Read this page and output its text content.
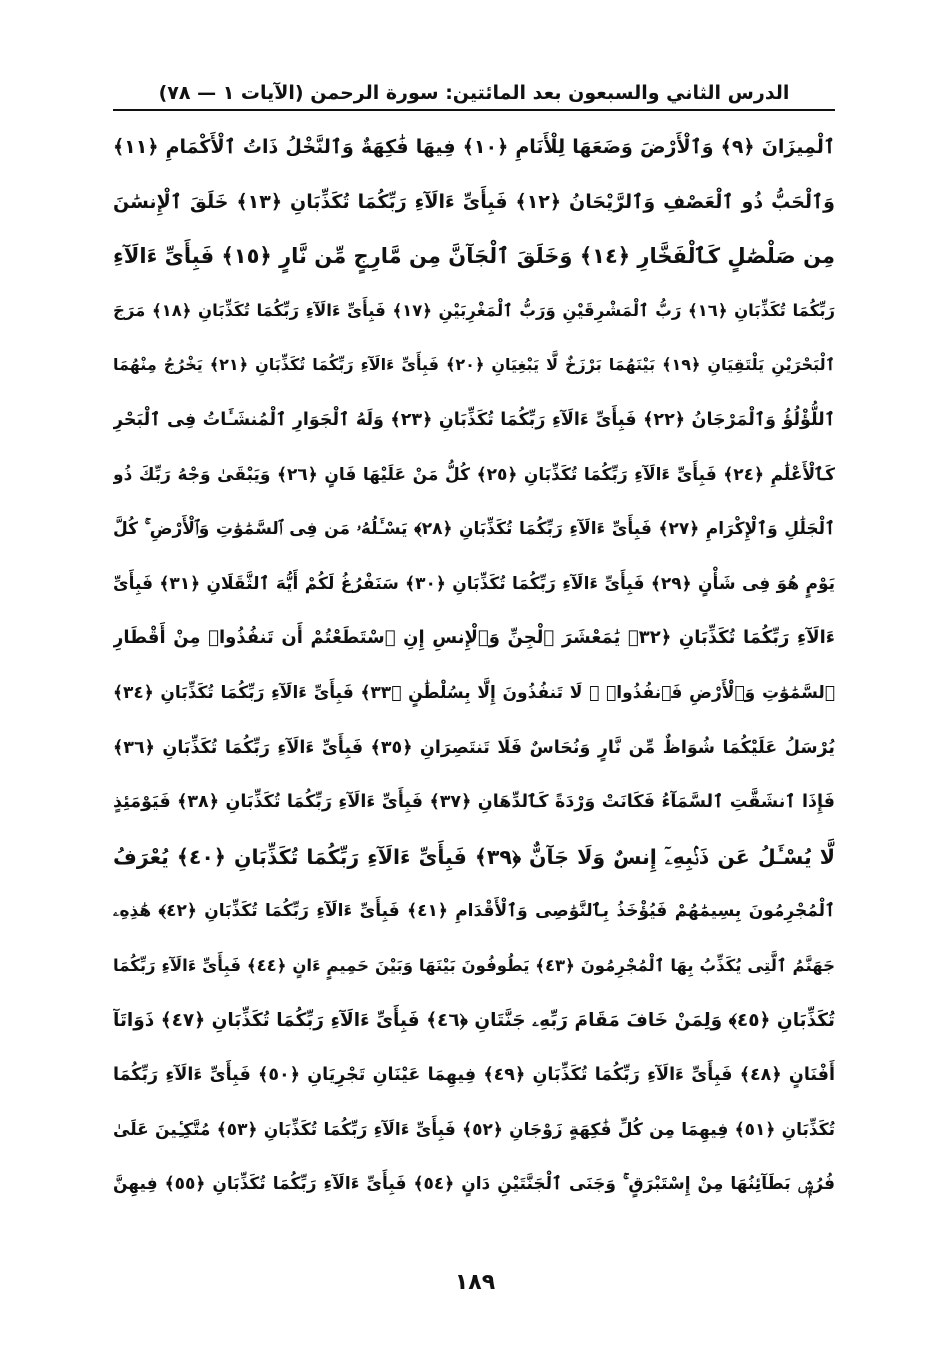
الدرس الثاني والسبعون بعد المائتين: سورة الرحمن (الآيات ١ — ٧٨)
ٱلْمِيزَانَ ﴿٩﴾ وَٱلْأَرْضَ وَضَعَهَا لِلْأَنَامِ ﴿١٠﴾ فِيهَا فَٰكِهَةٌ وَٱلنَّخْلُ ذَاتُ ٱلْأَكْمَامِ ﴿١١﴾
وَٱلْحَبُّ ذُو ٱلْعَصْفِ وَٱلرَّيْحَانُ ﴿١٢﴾ فَبِأَىِّ ءَالَآءِ رَبِّكُمَا تُكَذِّبَانِ ﴿١٣﴾ خَلَقَ ٱلْإِنسَٰنَ
مِن صَلْصَٰلٍ كَٱلْفَخَّارِ ﴿١٤﴾ وَخَلَقَ ٱلْجَآنَّ مِن مَّارِجٍ مِّن نَّارٍ ﴿١٥﴾ فَبِأَىِّ ءَالَآءِ
رَبِّكُمَا تُكَذِّبَانِ ﴿١٦﴾ رَبُّ ٱلْمَشْرِقَيْنِ وَرَبُّ ٱلْمَغْرِبَيْنِ ﴿١٧﴾ فَبِأَىِّ ءَالَآءِ رَبِّكُمَا تُكَذِّبَانِ ﴿١٨﴾ مَرَجَ
ٱلْبَحْرَيْنِ يَلْتَقِيَانِ ﴿١٩﴾ بَيْنَهُمَا بَرْزَخٌ لَّا يَبْغِيَانِ ﴿٢٠﴾ فَبِأَىِّ ءَالَآءِ رَبِّكُمَا تُكَذِّبَانِ ﴿٢١﴾ يَخْرُجُ مِنْهُمَا
ٱللُّؤْلُؤُ وَٱلْمَرْجَانُ ﴿٢٢﴾ فَبِأَىِّ ءَالَآءِ رَبِّكُمَا تُكَذِّبَانِ ﴿٢٣﴾ وَلَهُ ٱلْجَوَارِ ٱلْمُنشَـَٔاتُ فِى ٱلْبَحْرِ
كَٱلْأَعْلَٰمِ ﴿٢٤﴾ فَبِأَىِّ ءَالَآءِ رَبِّكُمَا تُكَذِّبَانِ ﴿٢٥﴾ كُلُّ مَنْ عَلَيْهَا فَانٍ ﴿٢٦﴾ وَيَبْقَىٰ وَجْهُ رَبِّكَ ذُو
ٱلْجَلَٰلِ وَٱلْإِكْرَامِ ﴿٢٧﴾ فَبِأَىِّ ءَالَآءِ رَبِّكُمَا تُكَذِّبَانِ ﴿٢٨﴾ يَسْـَٔلُهُۥ مَن فِى ٱلسَّمَٰوَٰتِ وَٱلْأَرْضِ ۚ كُلَّ
يَوْمٍ هُوَ فِى شَأْنٍ ﴿٢٩﴾ فَبِأَىِّ ءَالَآءِ رَبِّكُمَا تُكَذِّبَانِ ﴿٣٠﴾ سَنَفْرُغُ لَكُمْ أَيُّهَ ٱلثَّقَلَانِ ﴿٣١﴾ فَبِأَىِّ
ءَالَآءِ رَبِّكُمَا تُكَذِّبَانِ ﴿٣٢﴾ يَٰمَعْشَرَ ٱلْجِنِّ وَٱلْإِنسِ إِنِ ٱسْتَطَعْتُمْ أَن تَنفُذُوا۟ مِنْ أَقْطَارِ
ٱلسَّمَٰوَٰتِ وَٱلْأَرْضِ فَٱنفُذُوا۟ ۚ لَا تَنفُذُونَ إِلَّا بِسُلْطَٰنٍ ﴿٣٣﴾ فَبِأَىِّ ءَالَآءِ رَبِّكُمَا تُكَذِّبَانِ ﴿٣٤﴾
يُرْسَلُ عَلَيْكُمَا شُوَاظٌ مِّن نَّارٍ وَنُحَاسٌ فَلَا تَنتَصِرَانِ ﴿٣٥﴾ فَبِأَىِّ ءَالَآءِ رَبِّكُمَا تُكَذِّبَانِ ﴿٣٦﴾
فَإِذَا ٱنشَقَّتِ ٱلسَّمَآءُ فَكَانَتْ وَرْدَةً كَٱلدِّهَانِ ﴿٣٧﴾ فَبِأَىِّ ءَالَآءِ رَبِّكُمَا تُكَذِّبَانِ ﴿٣٨﴾ فَيَوْمَئِذٍ
لَّا يُسْـَٔلُ عَن ذَنۢبِهِۦٓ إِنسٌ وَلَا جَآنٌّ ﴿٣٩﴾ فَبِأَىِّ ءَالَآءِ رَبِّكُمَا تُكَذِّبَانِ ﴿٤٠﴾ يُعْرَفُ
ٱلْمُجْرِمُونَ بِسِيمَٰهُمْ فَيُؤْخَذُ بِٱلنَّوَٰصِى وَٱلْأَقْدَامِ ﴿٤١﴾ فَبِأَىِّ ءَالَآءِ رَبِّكُمَا تُكَذِّبَانِ ﴿٤٢﴾ هَٰذِهِۦ
جَهَنَّمُ ٱلَّتِى يُكَذِّبُ بِهَا ٱلْمُجْرِمُونَ ﴿٤٣﴾ يَطُوفُونَ بَيْنَهَا وَبَيْنَ حَمِيمٍ ءَانٍ ﴿٤٤﴾ فَبِأَىِّ ءَالَآءِ رَبِّكُمَا
تُكَذِّبَانِ ﴿٤٥﴾ وَلِمَنْ خَافَ مَقَامَ رَبِّهِۦ جَنَّتَانِ ﴿٤٦﴾ فَبِأَىِّ ءَالَآءِ رَبِّكُمَا تُكَذِّبَانِ ﴿٤٧﴾ ذَوَاتَآ
أَفْنَانٍ ﴿٤٨﴾ فَبِأَىِّ ءَالَآءِ رَبِّكُمَا تُكَذِّبَانِ ﴿٤٩﴾ فِيهِمَا عَيْنَانِ تَجْرِيَانِ ﴿٥٠﴾ فَبِأَىِّ ءَالَآءِ رَبِّكُمَا
تُكَذِّبَانِ ﴿٥١﴾ فِيهِمَا مِن كُلِّ فَٰكِهَةٍ زَوْجَانِ ﴿٥٢﴾ فَبِأَىِّ ءَالَآءِ رَبِّكُمَا تُكَذِّبَانِ ﴿٥٣﴾ مُتَّكِـِٔينَ عَلَىٰ
فُرُشٍۭ بَطَآئِنُهَا مِنْ إِسْتَبْرَقٍ ۚ وَجَنَى ٱلْجَنَّتَيْنِ دَانٍ ﴿٥٤﴾ فَبِأَىِّ ءَالَآءِ رَبِّكُمَا تُكَذِّبَانِ ﴿٥٥﴾ فِيهِنَّ
١٨٩
